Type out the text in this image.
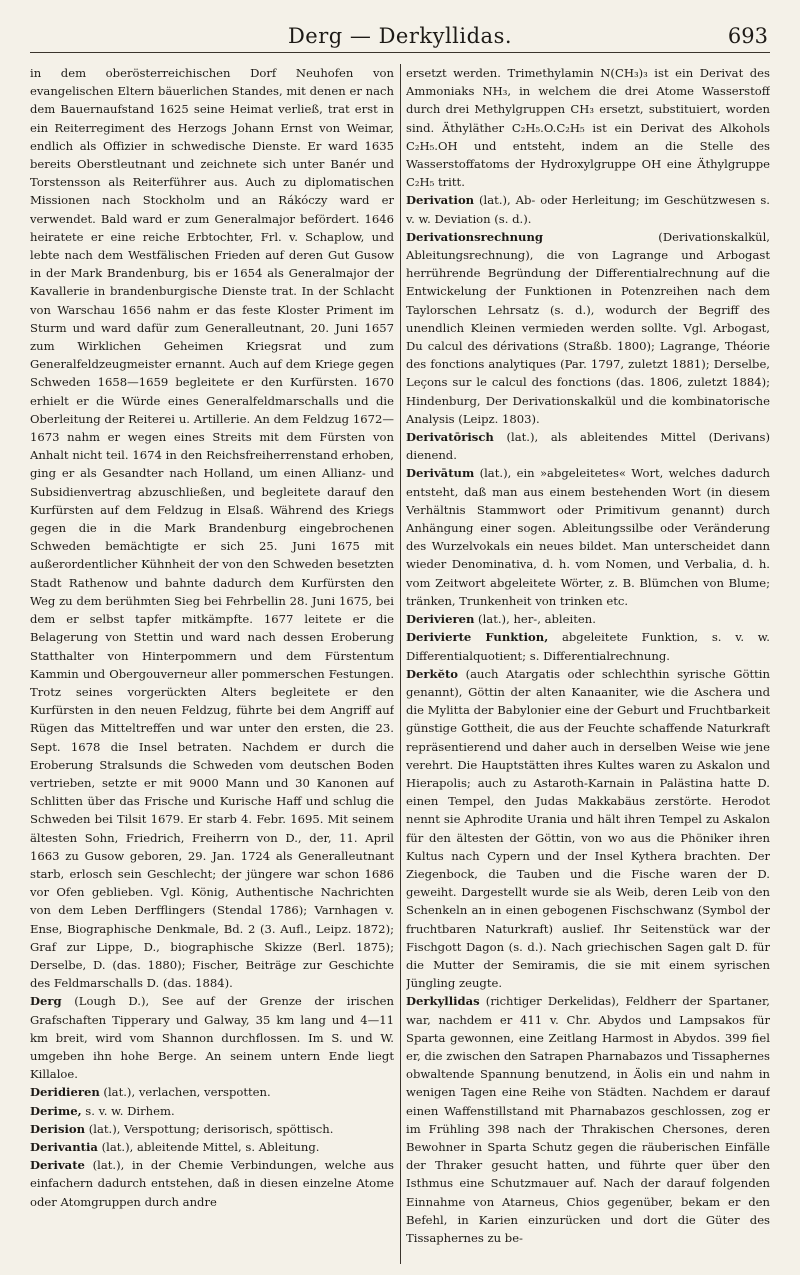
Derg — Derkyllidas.	693

in dem oberösterreichischen Dorf Neuhofen von evangelischen Eltern bäuerlichen Standes, mit denen er nach dem Bauernaufstand 1625 seine Heimat verließ, trat erst in ein Reiterregiment des Herzogs Johann Ernst von Weimar, endlich als Offizier in schwedische Dienste. Er ward 1635 bereits Oberstleutnant und zeichnete sich unter Banér und Torstensson als Reiterführer aus. Auch zu diplomatischen Missionen nach Stockholm und an Rákóczy ward er verwendet. Bald ward er zum Generalmajor befördert. 1646 heiratete er eine reiche Erbtochter, Frl. v. Schaplow, und lebte nach dem Westfälischen Frieden auf deren Gut Gusow in der Mark Brandenburg, bis er 1654 als Generalmajor der Kavallerie in brandenburgische Dienste trat. In der Schlacht von Warschau 1656 nahm er das feste Kloster Priment im Sturm und ward dafür zum Generalleutnant, 20. Juni 1657 zum Wirklichen Geheimen Kriegsrat und zum Generalfeldzeugmeister ernannt. Auch auf dem Kriege gegen Schweden 1658—1659 begleitete er den Kurfürsten. 1670 erhielt er die Würde eines Generalfeldmarschalls und die Oberleitung der Reiterei u. Artillerie. An dem Feldzug 1672—1673 nahm er wegen eines Streits mit dem Fürsten von Anhalt nicht teil. 1674 in den Reichsfreiherrenstand erhoben, ging er als Gesandter nach Holland, um einen Allianz- und Subsidienvertrag abzuschließen, und begleitete darauf den Kurfürsten auf dem Feldzug in Elsaß. Während des Kriegs gegen die in die Mark Brandenburg eingebrochenen Schweden bemächtigte er sich 25. Juni 1675 mit außerordentlicher Kühnheit der von den Schweden besetzten Stadt Rathenow und bahnte dadurch dem Kurfürsten den Weg zu dem berühmten Sieg bei Fehrbellin 28. Juni 1675, bei dem er selbst tapfer mitkämpfte. 1677 leitete er die Belagerung von Stettin und ward nach dessen Eroberung Statthalter von Hinterpommern und dem Fürstentum Kammin und Obergouverneur aller pommerschen Festungen. Trotz seines vorgerückten Alters begleitete er den Kurfürsten in den neuen Feldzug, führte bei dem Angriff auf Rügen das Mitteltreffen und war unter den ersten, die 23. Sept. 1678 die Insel betraten. Nachdem er durch die Eroberung Stralsunds die Schweden vom deutschen Boden vertrieben, setzte er mit 9000 Mann und 30 Kanonen auf Schlitten über das Frische und Kurische Haff und schlug die Schweden bei Tilsit 1679. Er starb 4. Febr. 1695. Mit seinem ältesten Sohn, Friedrich, Freiherrn von D., der, 11. April 1663 zu Gusow geboren, 29. Jan. 1724 als Generalleutnant starb, erlosch sein Geschlecht; der jüngere war schon 1686 vor Ofen geblieben. Vgl. König, Authentische Nachrichten von dem Leben Derfflingers (Stendal 1786); Varnhagen v. Ense, Biographische Denkmale, Bd. 2 (3. Aufl., Leipz. 1872); Graf zur Lippe, D., biographische Skizze (Berl. 1875); Derselbe, D. (das. 1880); Fischer, Beiträge zur Geschichte des Feldmarschalls D. (das. 1884).

Derg (Lough D.), See auf der Grenze der irischen Grafschaften Tipperary und Galway, 35 km lang und 4—11 km breit, wird vom Shannon durchflossen. Im S. und W. umgeben ihn hohe Berge. An seinem untern Ende liegt Killaloe.

Deridieren (lat.), verlachen, verspotten.

Derime, s. v. w. Dirhem.

Derision (lat.), Verspottung; derisorisch, spöttisch.

Derivantia (lat.), ableitende Mittel, s. Ableitung.

Derivate (lat.), in der Chemie Verbindungen, welche aus einfachern dadurch entstehen, daß in diesen einzelne Atome oder Atomgruppen durch andre

ersetzt werden. Trimethylamin N(CH₃)₃ ist ein Derivat des Ammoniaks NH₃, in welchem die drei Atome Wasserstoff durch drei Methylgruppen CH₃ ersetzt, substituiert, worden sind. Äthyläther C₂H₅.O.C₂H₅ ist ein Derivat des Alkohols C₂H₅.OH und entsteht, indem an die Stelle des Wasserstoffatoms der Hydroxylgruppe OH eine Äthylgruppe C₂H₅ tritt.

Derivation (lat.), Ab- oder Herleitung; im Geschützwesen s. v. w. Deviation (s. d.).

Derivationsrechnung (Derivationskalkül, Ableitungsrechnung), die von Lagrange und Arbogast herrührende Begründung der Differentialrechnung auf die Entwickelung der Funktionen in Potenzreihen nach dem Taylorschen Lehrsatz (s. d.), wodurch der Begriff des unendlich Kleinen vermieden werden sollte. Vgl. Arbogast, Du calcul des dérivations (Straßb. 1800); Lagrange, Théorie des fonctions analytiques (Par. 1797, zuletzt 1881); Derselbe, Leçons sur le calcul des fonctions (das. 1806, zuletzt 1884); Hindenburg, Der Derivationskalkül und die kombinatorische Analysis (Leipz. 1803).

Derivatōrisch (lat.), als ableitendes Mittel (Derivans) dienend.

Derivātum (lat.), ein »abgeleitetes« Wort, welches dadurch entsteht, daß man aus einem bestehenden Wort (in diesem Verhältnis Stammwort oder Primitivum genannt) durch Anhängung einer sogen. Ableitungssilbe oder Veränderung des Wurzelvokals ein neues bildet. Man unterscheidet dann wieder Denominativa, d. h. vom Nomen, und Verbalia, d. h. vom Zeitwort abgeleitete Wörter, z. B. Blümchen von Blume; tränken, Trunkenheit von trinken etc.

Derivieren (lat.), her-, ableiten.

Derivierte Funktion, abgeleitete Funktion, s. v. w. Differentialquotient; s. Differentialrechnung.

Derkĕto (auch Atargatis oder schlechthin syrische Göttin genannt), Göttin der alten Kanaaniter, wie die Aschera und die Mylitta der Babylonier eine der Geburt und Fruchtbarkeit günstige Gottheit, die aus der Feuchte schaffende Naturkraft repräsentierend und daher auch in derselben Weise wie jene verehrt. Die Hauptstätten ihres Kultes waren zu Askalon und Hierapolis; auch zu Astaroth-Karnain in Palästina hatte D. einen Tempel, den Judas Makkabäus zerstörte. Herodot nennt sie Aphrodite Urania und hält ihren Tempel zu Askalon für den ältesten der Göttin, von wo aus die Phöniker ihren Kultus nach Cypern und der Insel Kythera brachten. Der Ziegenbock, die Tauben und die Fische waren der D. geweiht. Dargestellt wurde sie als Weib, deren Leib von den Schenkeln an in einen gebogenen Fischschwanz (Symbol der fruchtbaren Naturkraft) auslief. Ihr Seitenstück war der Fischgott Dagon (s. d.). Nach griechischen Sagen galt D. für die Mutter der Semiramis, die sie mit einem syrischen Jüngling zeugte.

Derkyllidas (richtiger Derkelidas), Feldherr der Spartaner, war, nachdem er 411 v. Chr. Abydos und Lampsakos für Sparta gewonnen, eine Zeitlang Harmost in Abydos. 399 fiel er, die zwischen den Satrapen Pharnabazos und Tissaphernes obwaltende Spannung benutzend, in Äolis ein und nahm in wenigen Tagen eine Reihe von Städten. Nachdem er darauf einen Waffenstillstand mit Pharnabazos geschlossen, zog er im Frühling 398 nach der Thrakischen Chersones, deren Bewohner in Sparta Schutz gegen die räuberischen Einfälle der Thraker gesucht hatten, und führte quer über den Isthmus eine Schutzmauer auf. Nach der darauf folgenden Einnahme von Atarneus, Chios gegenüber, bekam er den Befehl, in Karien einzurücken und dort die Güter des Tissaphernes zu be-
